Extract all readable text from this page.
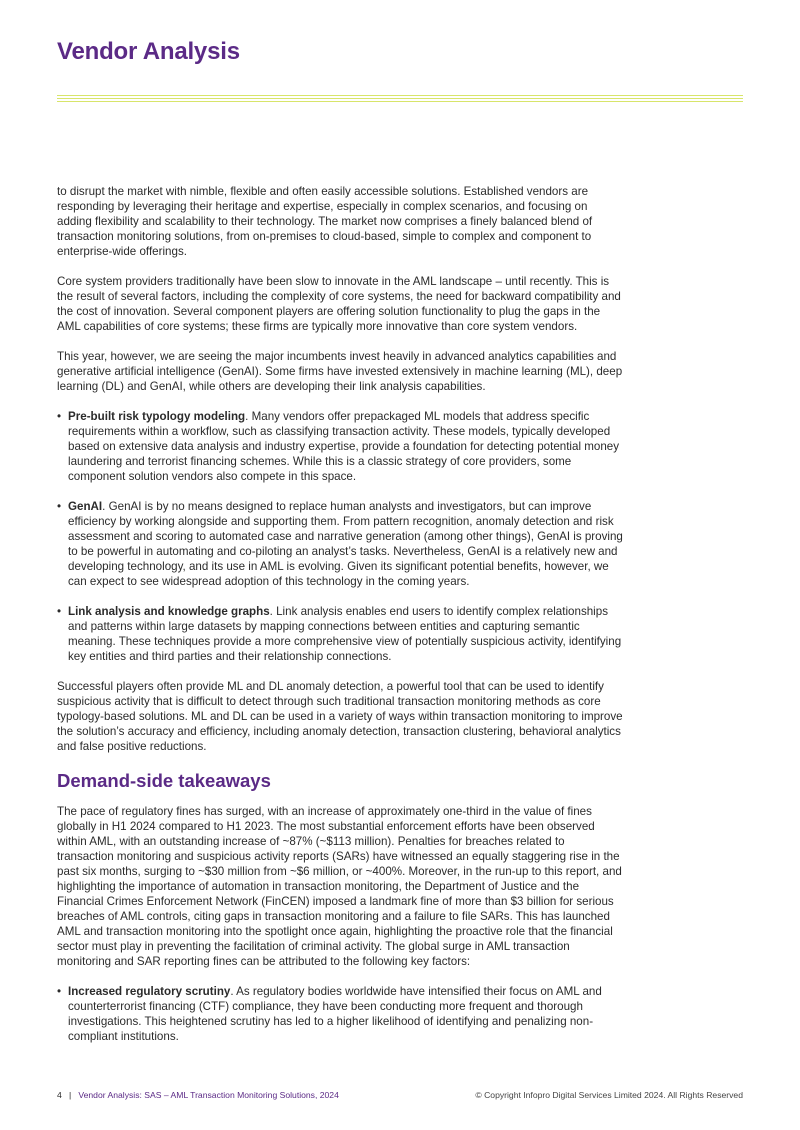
Vendor Analysis

to disrupt the market with nimble, flexible and often easily accessible solutions. Established vendors are responding by leveraging their heritage and expertise, especially in complex scenarios, and focusing on adding flexibility and scalability to their technology. The market now comprises a finely balanced blend of transaction monitoring solutions, from on-premises to cloud-based, simple to complex and component to enterprise-wide offerings.

Core system providers traditionally have been slow to innovate in the AML landscape – until recently. This is the result of several factors, including the complexity of core systems, the need for backward compatibility and the cost of innovation. Several component players are offering solution functionality to plug the gaps in the AML capabilities of core systems; these firms are typically more innovative than core system vendors.

This year, however, we are seeing the major incumbents invest heavily in advanced analytics capabilities and generative artificial intelligence (GenAI). Some firms have invested extensively in machine learning (ML), deep learning (DL) and GenAI, while others are developing their link analysis capabilities.

• Pre-built risk typology modeling. Many vendors offer prepackaged ML models that address specific requirements within a workflow, such as classifying transaction activity. These models, typically developed based on extensive data analysis and industry expertise, provide a foundation for detecting potential money laundering and terrorist financing schemes. While this is a classic strategy of core providers, some component solution vendors also compete in this space.
• GenAI. GenAI is by no means designed to replace human analysts and investigators, but can improve efficiency by working alongside and supporting them. From pattern recognition, anomaly detection and risk assessment and scoring to automated case and narrative generation (among other things), GenAI is proving to be powerful in automating and co-piloting an analyst’s tasks. Nevertheless, GenAI is a relatively new and developing technology, and its use in AML is evolving. Given its significant potential benefits, however, we can expect to see widespread adoption of this technology in the coming years.
• Link analysis and knowledge graphs. Link analysis enables end users to identify complex relationships and patterns within large datasets by mapping connections between entities and capturing semantic meaning. These techniques provide a more comprehensive view of potentially suspicious activity, identifying key entities and third parties and their relationship connections.

Successful players often provide ML and DL anomaly detection, a powerful tool that can be used to identify suspicious activity that is difficult to detect through such traditional transaction monitoring methods as core typology-based solutions. ML and DL can be used in a variety of ways within transaction monitoring to improve the solution’s accuracy and efficiency, including anomaly detection, transaction clustering, behavioral analytics and false positive reductions.

Demand-side takeaways

The pace of regulatory fines has surged, with an increase of approximately one-third in the value of fines globally in H1 2024 compared to H1 2023. The most substantial enforcement efforts have been observed within AML, with an outstanding increase of ~87% (~$113 million). Penalties for breaches related to transaction monitoring and suspicious activity reports (SARs) have witnessed an equally staggering rise in the past six months, surging to ~$30 million from ~$6 million, or ~400%. Moreover, in the run-up to this report, and highlighting the importance of automation in transaction monitoring, the Department of Justice and the Financial Crimes Enforcement Network (FinCEN) imposed a landmark fine of more than $3 billion for serious breaches of AML controls, citing gaps in transaction monitoring and a failure to file SARs. This has launched AML and transaction monitoring into the spotlight once again, highlighting the proactive role that the financial sector must play in preventing the facilitation of criminal activity. The global surge in AML transaction monitoring and SAR reporting fines can be attributed to the following key factors:

• Increased regulatory scrutiny. As regulatory bodies worldwide have intensified their focus on AML and counterterrorist financing (CTF) compliance, they have been conducting more frequent and thorough investigations. This heightened scrutiny has led to a higher likelihood of identifying and penalizing non-compliant institutions.
4 | Vendor Analysis: SAS – AML Transaction Monitoring Solutions, 2024	© Copyright Infopro Digital Services Limited 2024. All Rights Reserved
